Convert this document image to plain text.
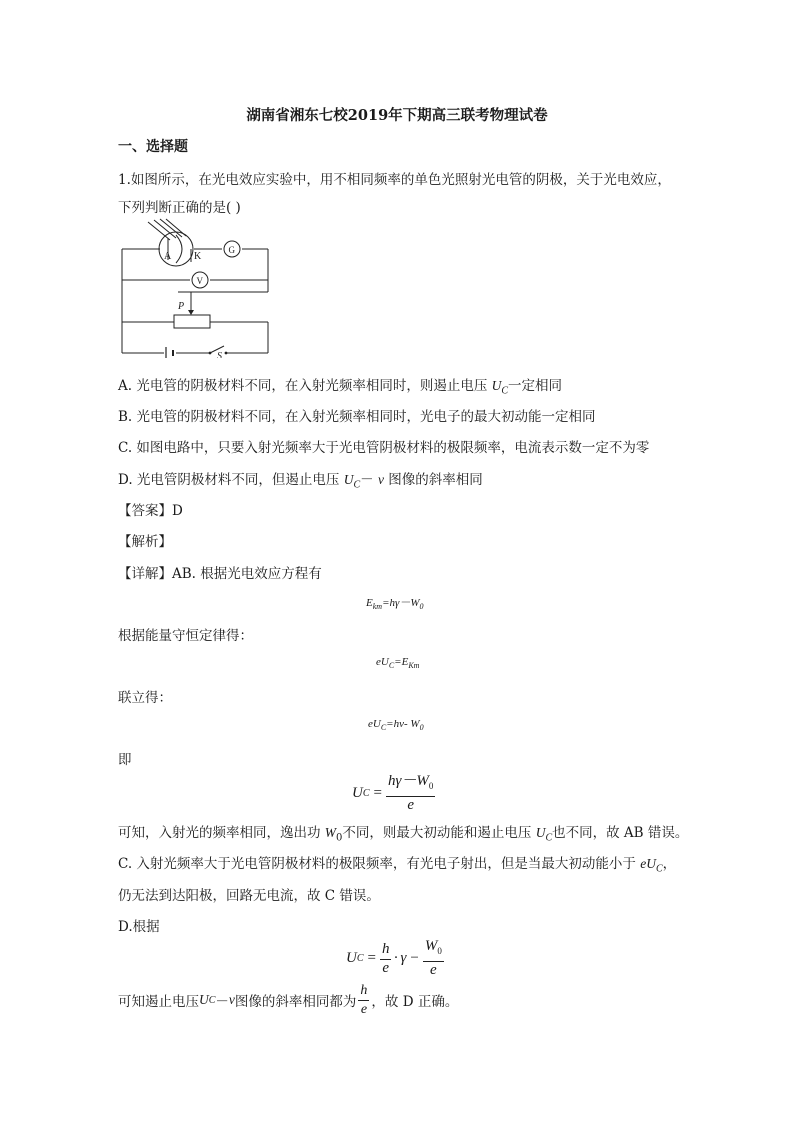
湖南省湘东七校2019年下期高三联考物理试卷
一、选择题
1.如图所示，在光电效应实验中，用不相同频率的单色光照射光电管的阴极，关于光电效应，
下列判断正确的是( )
A K
G
V
P
S
A. 光电管的阴极材料不同，在入射光频率相同时，则遏止电压 $U_C$一定相同
B. 光电管的阴极材料不同，在入射光频率相同时，光电子的最大初动能一定相同
C. 如图电路中，只要入射光频率大于光电管阴极材料的极限频率，电流表示数一定不为零
D. 光电管阴极材料不同，但遏止电压 $U_C- \nu$ 图像的斜率相同
【答案】D
【解析】
【详解】AB. 根据光电效应方程有
$E_{km}=h\gamma-W_0$
根据能量守恒定律得：
$eU_C=E_{Km}$
联立得：
$eU_C=h\nu-$ $W_0$
即
U $C = \frac{h\gamma-W_0}{e}$
可知，入射光的频率相同，逸出功 $W_0$不同，则最大初动能和遏止电压 $U_C$也不同，故 AB 错误。
C. 入射光频率大于光电管阴极材料的极限频率，有光电子射出，但是当最大初动能小于 $eU_C$，
仍无法到达阳极，回路无电流，故 C 错误。
D.根据
U $C = \frac{h}{e} \cdot \gamma - \frac{W_0}{e}$
可知遏止电压 U C － ν 图像的斜率相同都为 $\frac{h}{e}$ ，故 D 正确。
